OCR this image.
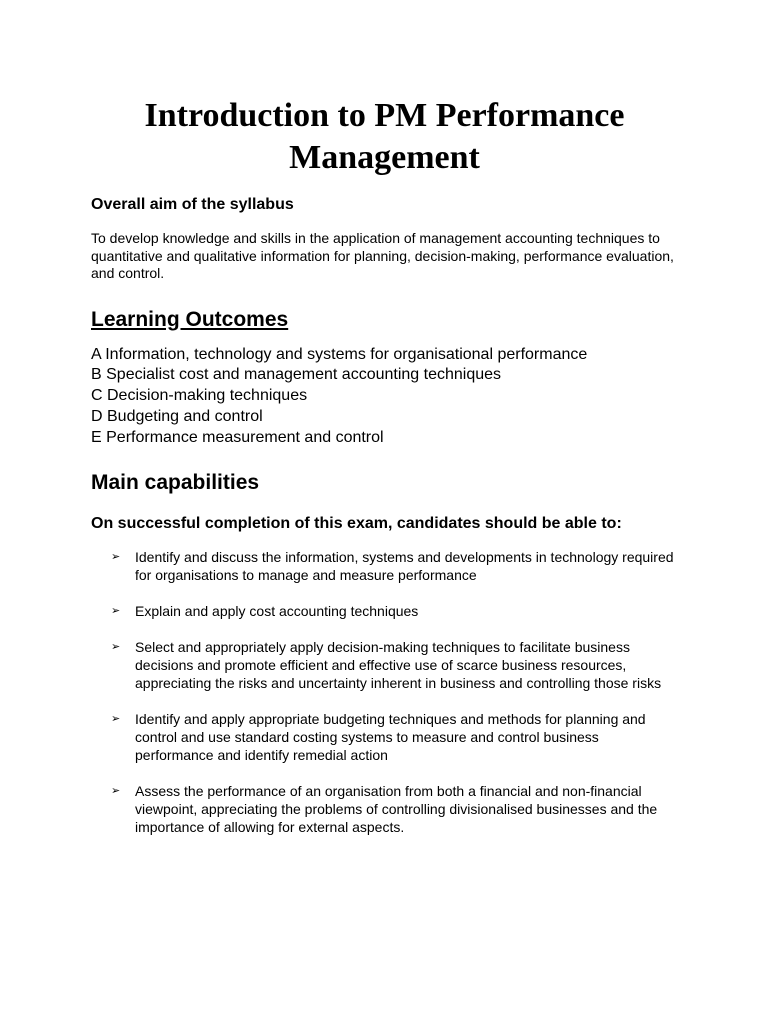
Introduction to PM Performance Management
Overall aim of the syllabus

To develop knowledge and skills in the application of management accounting techniques to quantitative and qualitative information for planning, decision-making, performance evaluation, and control.

Learning Outcomes
A Information, technology and systems for organisational performance
B Specialist cost and management accounting techniques
C Decision-making techniques
D Budgeting and control
E Performance measurement and control
Main capabilities
On successful completion of this exam, candidates should be able to:
➢	Identify and discuss the information, systems and developments in technology required for organisations to manage and measure performance
➢	Explain and apply cost accounting techniques
➢	Select and appropriately apply decision-making techniques to facilitate business decisions and promote efficient and effective use of scarce business resources, appreciating the risks and uncertainty inherent in business and controlling those risks
➢	Identify and apply appropriate budgeting techniques and methods for planning and control and use standard costing systems to measure and control business performance and identify remedial action
➢	Assess the performance of an organisation from both a financial and non-financial viewpoint, appreciating the problems of controlling divisionalised businesses and the importance of allowing for external aspects.
